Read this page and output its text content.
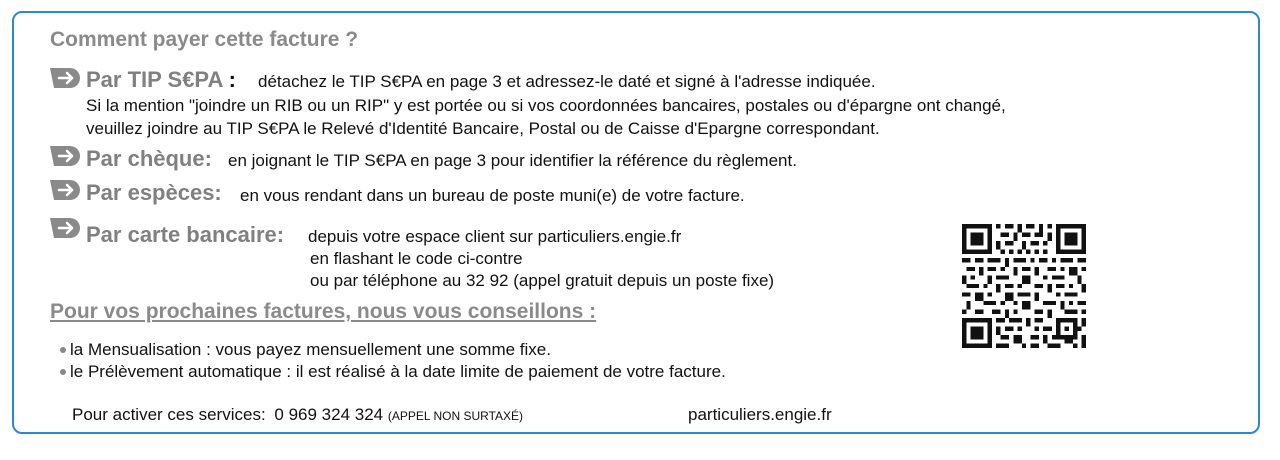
Comment payer cette facture ?
Par TIP S€PA : détachez le TIP S€PA en page 3 et adressez-le daté et signé à l'adresse indiquée.
Si la mention "joindre un RIB ou un RIP" y est portée ou si vos coordonnées bancaires, postales ou d'épargne ont changé,
veuillez joindre au TIP S€PA le Relevé d'Identité Bancaire, Postal ou de Caisse d'Epargne correspondant.
Par chèque: en joignant le TIP S€PA en page 3 pour identifier la référence du règlement.
Par espèces: en vous rendant dans un bureau de poste muni(e) de votre facture.
Par carte bancaire: depuis votre espace client sur particuliers.engie.fr
en flashant le code ci-contre
ou par téléphone au 32 92 (appel gratuit depuis un poste fixe)
Pour vos prochaines factures, nous vous conseillons :
la Mensualisation : vous payez mensuellement une somme fixe.
le Prélèvement automatique : il est réalisé à la date limite de paiement de votre facture.
Pour activer ces services: 0 969 324 324 (APPEL NON SURTAXÉ)	particuliers.engie.fr
